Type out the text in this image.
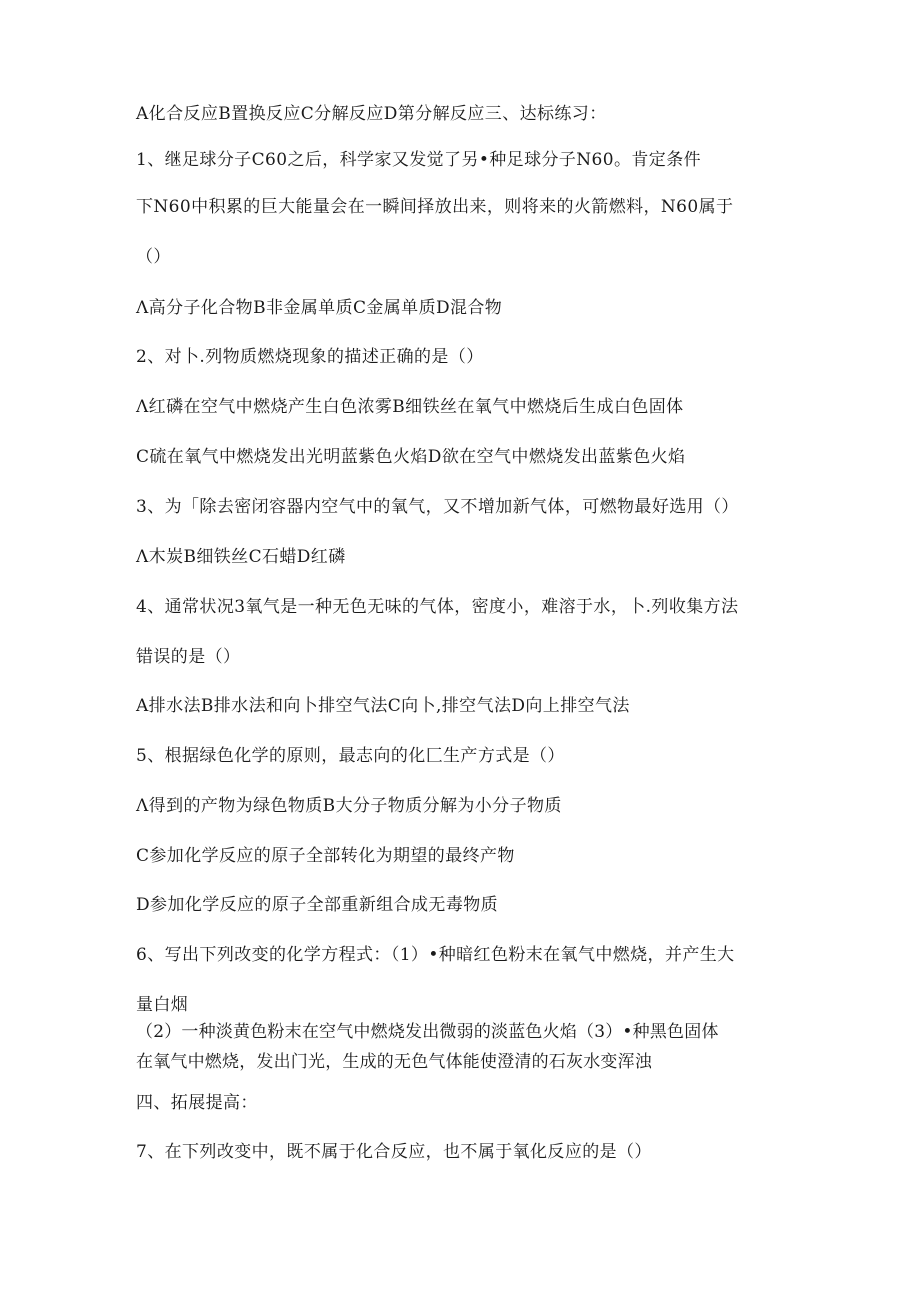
A化合反应B置换反应C分解反应D第分解反应三、达标练习：
1、继足球分子C60之后，科学家又发觉了另•种足球分子N60。肯定条件
下N60中积累的巨大能量会在一瞬间择放出来，则将来的火箭燃料，N60属于
（）
Λ高分子化合物B非金属单质C金属单质D混合物
2、对卜.列物质燃烧现象的描述正确的是（）
Λ红磷在空气中燃烧产生白色浓雾B细铁丝在氧气中燃烧后生成白色固体
C硫在氧气中燃烧发出光明蓝紫色火焰D欲在空气中燃烧发出蓝紫色火焰
3、为「除去密闭容器内空气中的氧气，又不增加新气体，可燃物最好选用（）
Λ木炭B细铁丝C石蜡D红磷
4、通常状况3氧气是一种无色无味的气体，密度小，难溶于水，卜.列收集方法
错误的是（）
A排水法B排水法和向卜排空气法C向卜,排空气法D向上排空气法
5、根据绿色化学的原则，最志向的化匚生产方式是（）
Λ得到的产物为绿色物质B大分子物质分解为小分子物质
C参加化学反应的原子全部转化为期望的最终产物
D参加化学反应的原子全部重新组合成无毒物质
6、写出下列改变的化学方程式：（1）•种暗红色粉末在氧气中燃烧，并产生大
量白烟
（2）一种淡黄色粉末在空气中燃烧发出微弱的淡蓝色火焰（3）•种黑色固体
在氧气中燃烧，发出门光，生成的无色气体能使澄清的石灰水变浑浊
四、拓展提高：
7、在下列改变中，既不属于化合反应，也不属于氧化反应的是（）
